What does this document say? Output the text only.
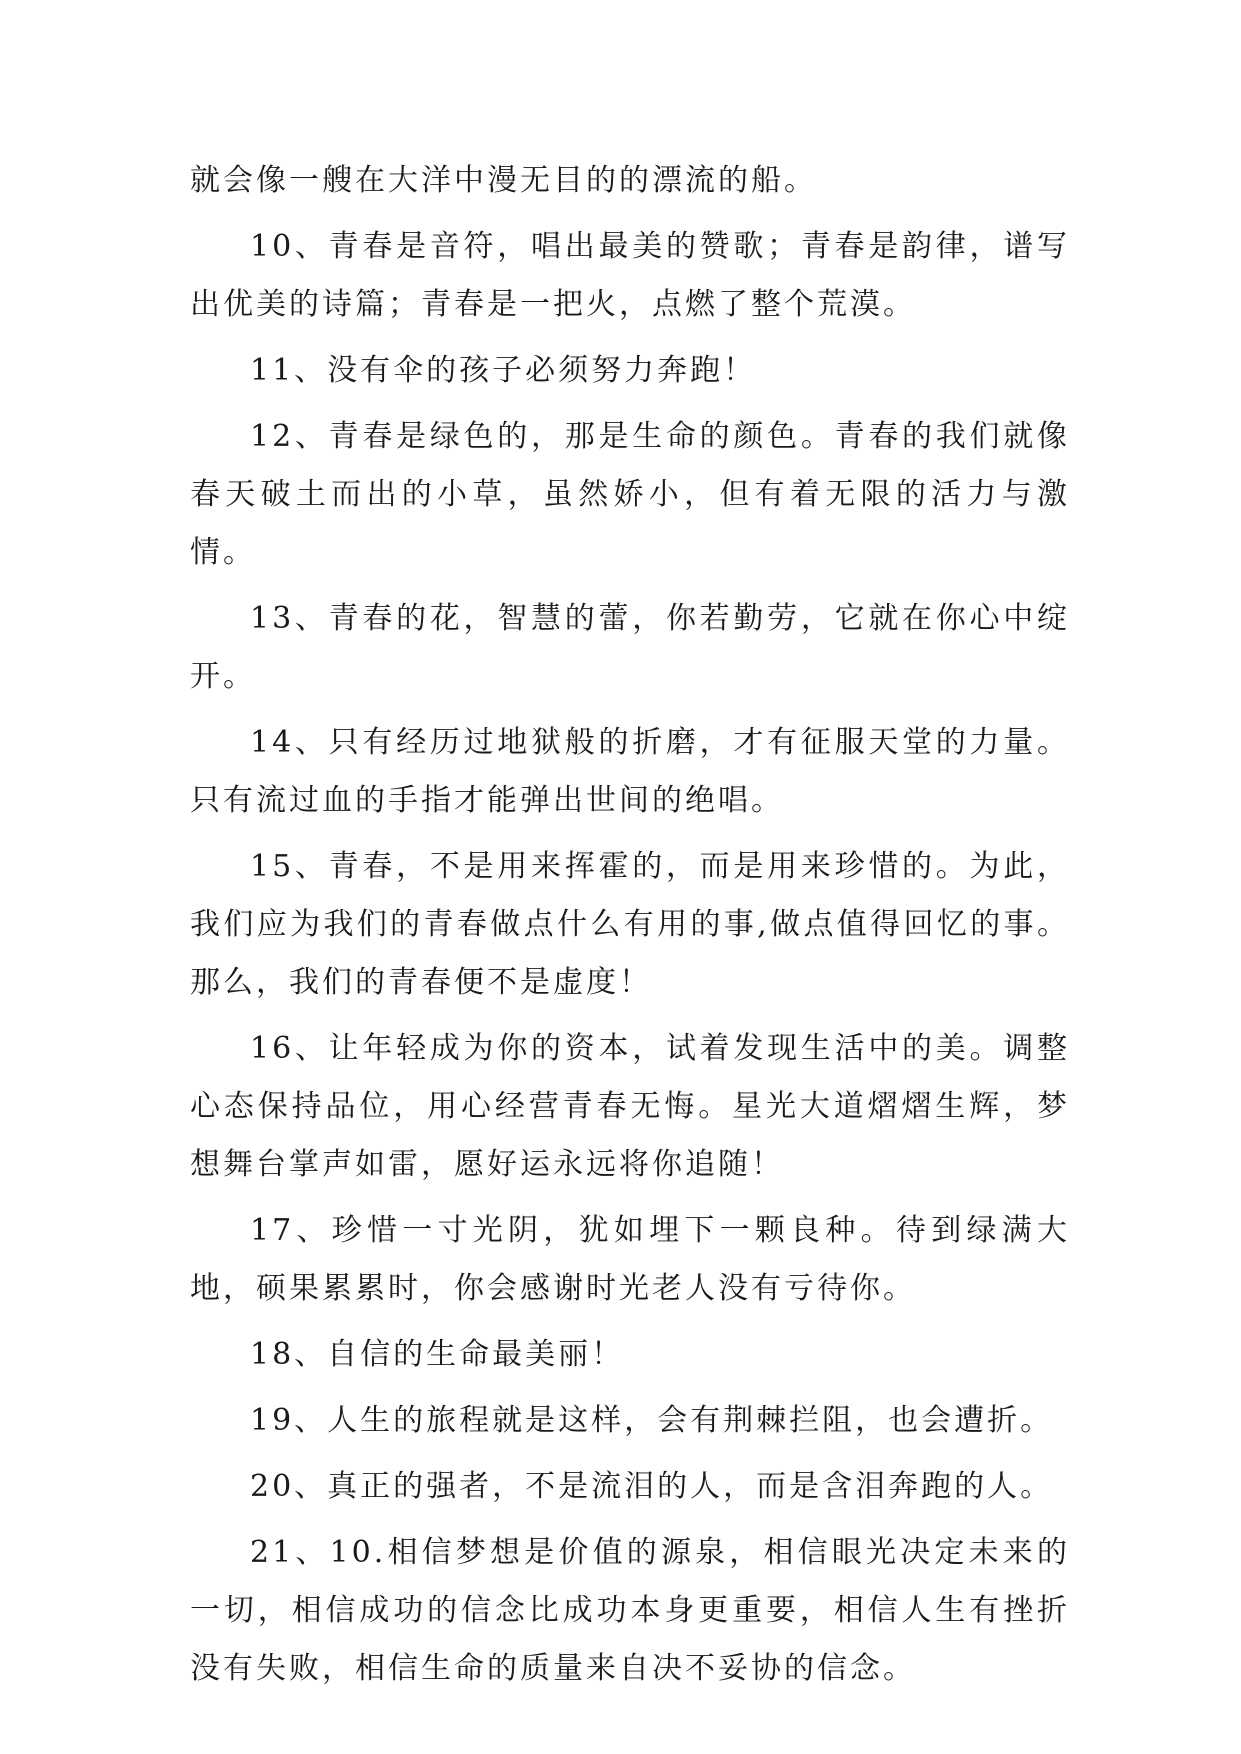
就会像一艘在大洋中漫无目的的漂流的船。

10、青春是音符，唱出最美的赞歌；青春是韵律，谱写出优美的诗篇；青春是一把火，点燃了整个荒漠。

11、没有伞的孩子必须努力奔跑！

12、青春是绿色的，那是生命的颜色。青春的我们就像春天破土而出的小草，虽然娇小，但有着无限的活力与激情。

13、青春的花，智慧的蕾，你若勤劳，它就在你心中绽开。

14、只有经历过地狱般的折磨，才有征服天堂的力量。只有流过血的手指才能弹出世间的绝唱。

15、青春，不是用来挥霍的，而是用来珍惜的。为此，我们应为我们的青春做点什么有用的事,做点值得回忆的事。那么，我们的青春便不是虚度！

16、让年轻成为你的资本，试着发现生活中的美。调整心态保持品位，用心经营青春无悔。星光大道熠熠生辉，梦想舞台掌声如雷，愿好运永远将你追随！

17、珍惜一寸光阴，犹如埋下一颗良种。待到绿满大地，硕果累累时，你会感谢时光老人没有亏待你。

18、自信的生命最美丽！

19、人生的旅程就是这样，会有荆棘拦阻，也会遭折。

20、真正的强者，不是流泪的人，而是含泪奔跑的人。

21、10.相信梦想是价值的源泉，相信眼光决定未来的一切，相信成功的信念比成功本身更重要，相信人生有挫折没有失败，相信生命的质量来自决不妥协的信念。
